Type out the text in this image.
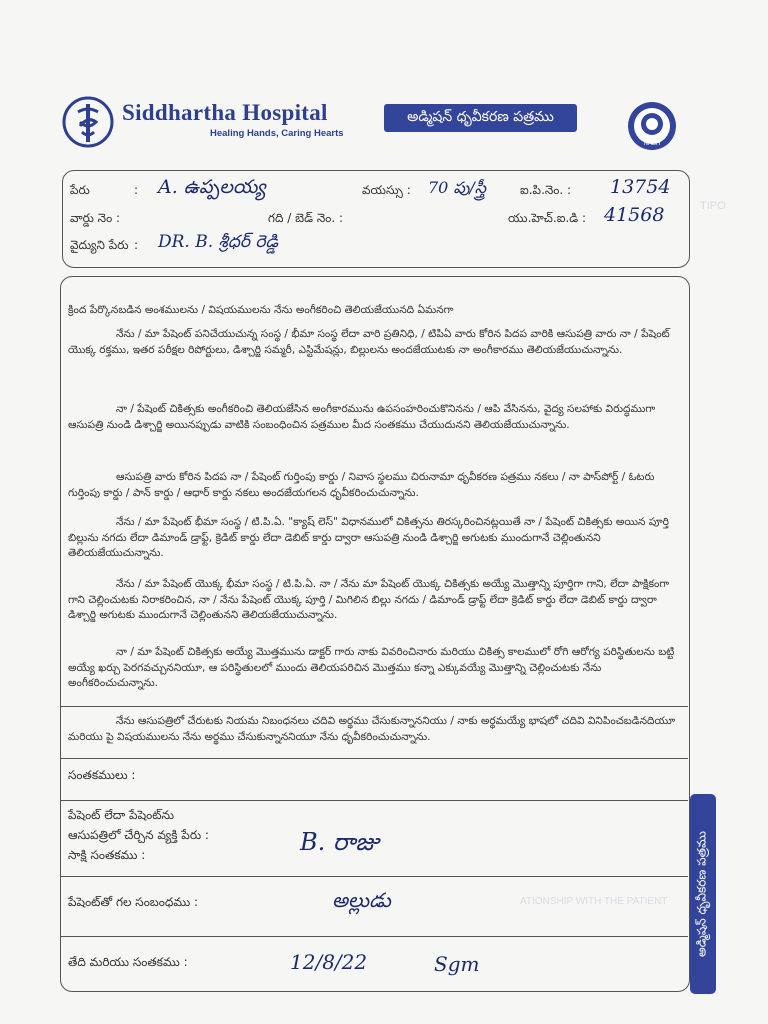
TIPO
ATIONSHIP WITH THE PATIENT
Siddhartha Hospital
Healing Hands, Caring Hearts
అడ్మిషన్ ధృవీకరణ పత్రము
NABH
పేరు	: A. ఉప్పలయ్య	వయస్సు : 70 పు/స్త్రీ	ఐ.పి.నెం. : 13754
వార్డు నెం :	గది / బెడ్ నెం. :	యు.హెచ్.ఐ.డి : 41568
వైద్యుని పేరు : DR. B. శ్రీధర్ రెడ్డి
క్రింద పేర్కొనబడిన అంశములను / విషయములను నేను అంగీకరించి తెలియజేయునది ఏమనగా
నేను / మా పేషెంట్ పనిచేయుచున్న సంస్థ / భీమా సంస్థ లేదా వారి ప్రతినిధి, / టిపిఏ వారు కోరిన పిదప వారికి ఆసుపత్రి వారు నా / పేషెంట్ యొక్క రక్తము, ఇతర పరీక్షల రిపోర్టులు, డిశ్చార్జి సమ్మరీ, ఎస్టిమేషన్లు, బిల్లులను అందజేయుటకు నా అంగీకారము తెలియజేయుచున్నాను.
నా / పేషెంట్ చికిత్సకు అంగీకరించి తెలియజేసిన అంగీకారమును ఉపసంహరించుకొనినను / ఆపి వేసినను, వైద్య సలహాకు విరుద్ధముగా ఆసుపత్రి నుండి డిశ్చార్జి అయినప్పుడు వాటికి సంబంధించిన పత్రముల మీద సంతకము చేయుదునని తెలియజేయుచున్నాను.
ఆసుపత్రి వారు కోరిన పిదప నా / పేషెంట్ గుర్తింపు కార్డు / నివాస స్థలము చిరునామా ధృవీకరణ పత్రము నకలు / నా పాస్‌పోర్ట్ / ఓటరు గుర్తింపు కార్డు / పాన్ కార్డు / ఆధార్ కార్డు నకలు అందజేయగలన ధృవీకరించుచున్నాను.
నేను / మా పేషెంట్ భీమా సంస్థ / టి.పి.ఏ. "క్యాష్ లెస్" విధానములో చికిత్సను తిరస్కరించినట్లయితే నా / పేషెంట్ చికిత్సకు అయిన పూర్తి బిల్లును నగదు లేదా డిమాండ్ డ్రాఫ్ట్, క్రెడిట్ కార్డు లేదా డెబిట్ కార్డు ద్వారా ఆసుపత్రి నుండి డిశ్చార్జి అగుటకు ముందుగానే చెల్లింతునని తెలియజేయుచున్నాను.
నేను / మా పేషెంట్ యొక్క భీమా సంస్థ / టి.పి.ఏ. నా / నేను మా పేషెంట్ యొక్క చికిత్సకు అయ్యే మొత్తాన్ని పూర్తిగా గాని, లేదా పాక్షికంగా గాని చెల్లించుటకు నిరాకరించిన, నా / నేను పేషెంట్ యొక్క పూర్తి / మిగిలిన బిల్లు నగదు / డిమాండ్ డ్రాఫ్ట్ లేదా క్రెడిట్ కార్డు లేదా డెబిట్ కార్డు ద్వారా డిశ్చార్జి అగుటకు ముందుగానే చెల్లింతునని తెలియజేయుచున్నాను.
నా / మా పేషెంట్ చికిత్సకు అయ్యే మొత్తమును డాక్టర్ గారు నాకు వివరించినారు మరియు చికిత్స కాలములో రోగి ఆరోగ్య పరిస్థితులను బట్టి అయ్యే ఖర్చు పెరగవచ్చుననియూ, ఆ పరిస్థితులలో ముందు తెలియపరిచిన మొత్తము కన్నా ఎక్కువయ్యే మొత్తాన్ని చెల్లించుటకు నేను అంగీకరించుచున్నాను.
నేను ఆసుపత్రిలో చేరుటకు నియమ నిబంధనలు చదివి అర్థము చేసుకున్నాననియు / నాకు అర్థమయ్యే భాషలో చదివి వినిపించబడినదియూ మరియు పై విషయములను నేను అర్థము చేసుకున్నాననియూ నేను ధృవీకరించుచున్నాను.
సంతకములు :
పేషెంట్ లేదా పేషెంట్‌ను
ఆసుపత్రిలో చేర్చిన వ్యక్తి పేరు :
సాక్షి సంతకము :	B. రాజు
పేషెంట్‌తో గల సంబంధము :	అల్లుడు
తేది మరియు సంతకము :	12/8/22	Sgm
అడ్మిషన్ ధృవీకరణ పత్రము
